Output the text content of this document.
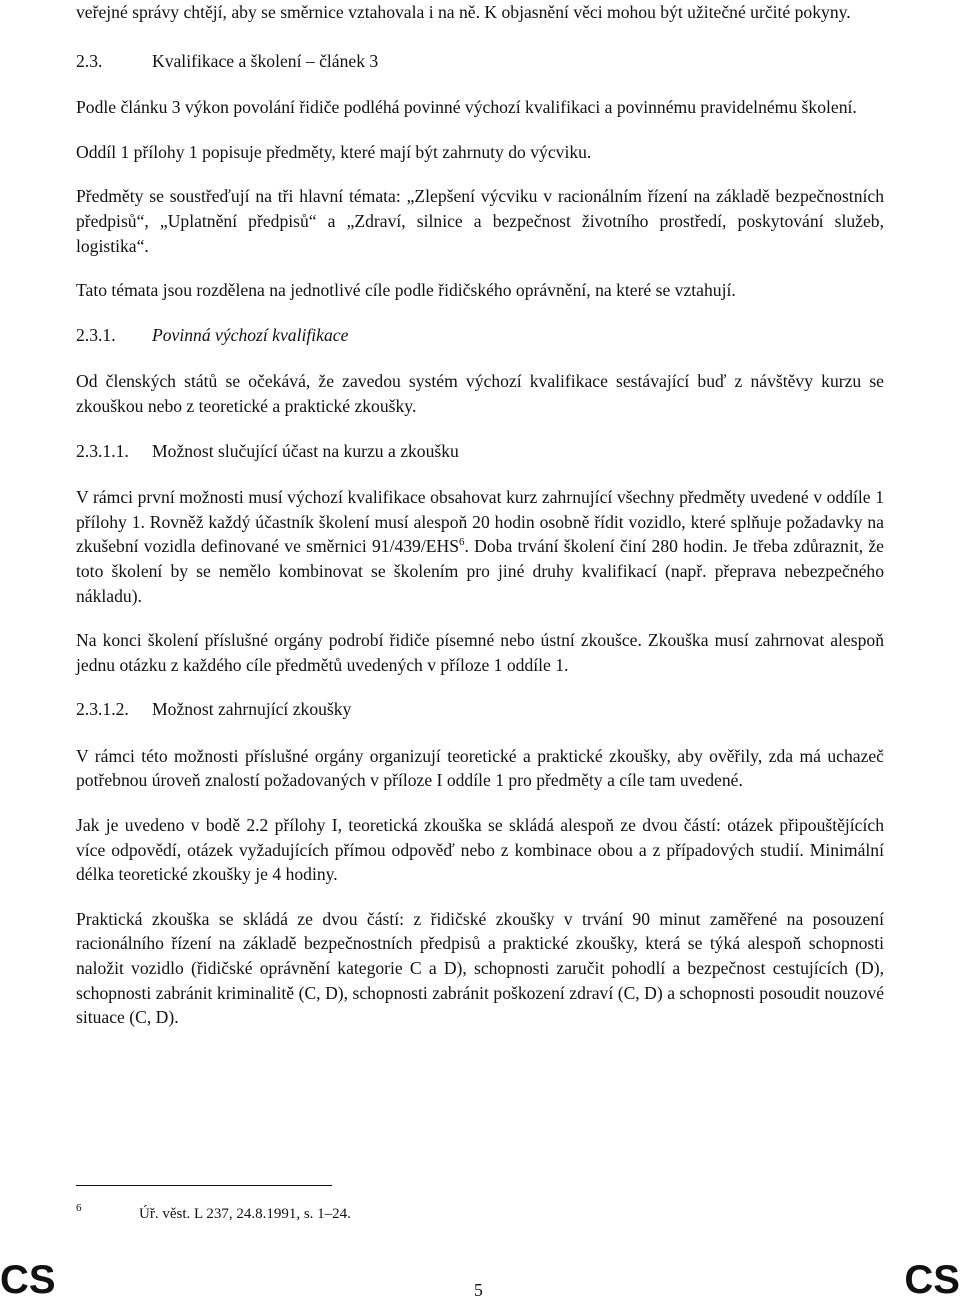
veřejné správy chtějí, aby se směrnice vztahovala i na ně. K objasnění věci mohou být užitečné určité pokyny.

2.3.	Kvalifikace a školení – článek 3

Podle článku 3 výkon povolání řidiče podléhá povinné výchozí kvalifikaci a povinnému pravidelnému školení.

Oddíl 1 přílohy 1 popisuje předměty, které mají být zahrnuty do výcviku.

Předměty se soustřeďují na tři hlavní témata: „Zlepšení výcviku v racionálním řízení na základě bezpečnostních předpisů“, „Uplatnění předpisů“ a „Zdraví, silnice a bezpečnost životního prostředí, poskytování služeb, logistika“.

Tato témata jsou rozdělena na jednotlivé cíle podle řidičského oprávnění, na které se vztahují.

2.3.1.	Povinná výchozí kvalifikace

Od členských států se očekává, že zavedou systém výchozí kvalifikace sestávající buď z návštěvy kurzu se zkouškou nebo z teoretické a praktické zkoušky.

2.3.1.1.	Možnost slučující účast na kurzu a zkoušku

V rámci první možnosti musí výchozí kvalifikace obsahovat kurz zahrnující všechny předměty uvedené v oddíle 1 přílohy 1. Rovněž každý účastník školení musí alespoň 20 hodin osobně řídit vozidlo, které splňuje požadavky na zkušební vozidla definované ve směrnici 91/439/EHS$^6$. Doba trvání školení činí 280 hodin. Je třeba zdůraznit, že toto školení by se nemělo kombinovat se školením pro jiné druhy kvalifikací (např. přeprava nebezpečného nákladu).

Na konci školení příslušné orgány podrobí řidiče písemné nebo ústní zkoušce. Zkouška musí zahrnovat alespoň jednu otázku z každého cíle předmětů uvedených v příloze 1 oddíle 1.

2.3.1.2.	Možnost zahrnující zkoušky

V rámci této možnosti příslušné orgány organizují teoretické a praktické zkoušky, aby ověřily, zda má uchazeč potřebnou úroveň znalostí požadovaných v příloze I oddíle 1 pro předměty a cíle tam uvedené.

Jak je uvedeno v bodě 2.2 přílohy I, teoretická zkouška se skládá alespoň ze dvou částí: otázek připouštějících více odpovědí, otázek vyžadujících přímou odpověď nebo z kombinace obou a z případových studií. Minimální délka teoretické zkoušky je 4 hodiny.

Praktická zkouška se skládá ze dvou částí: z řidičské zkoušky v trvání 90 minut zaměřené na posouzení racionálního řízení na základě bezpečnostních předpisů a praktické zkoušky, která se týká alespoň schopnosti naložit vozidlo (řidičské oprávnění kategorie C a D), schopnosti zaručit pohodlí a bezpečnost cestujících (D), schopnosti zabránit kriminalitě (C, D), schopnosti zabránit poškození zdraví (C, D) a schopnosti posoudit nouzové situace (C, D).

6	Úř. věst. L 237, 24.8.1991, s. 1–24.
CS	5	CS
